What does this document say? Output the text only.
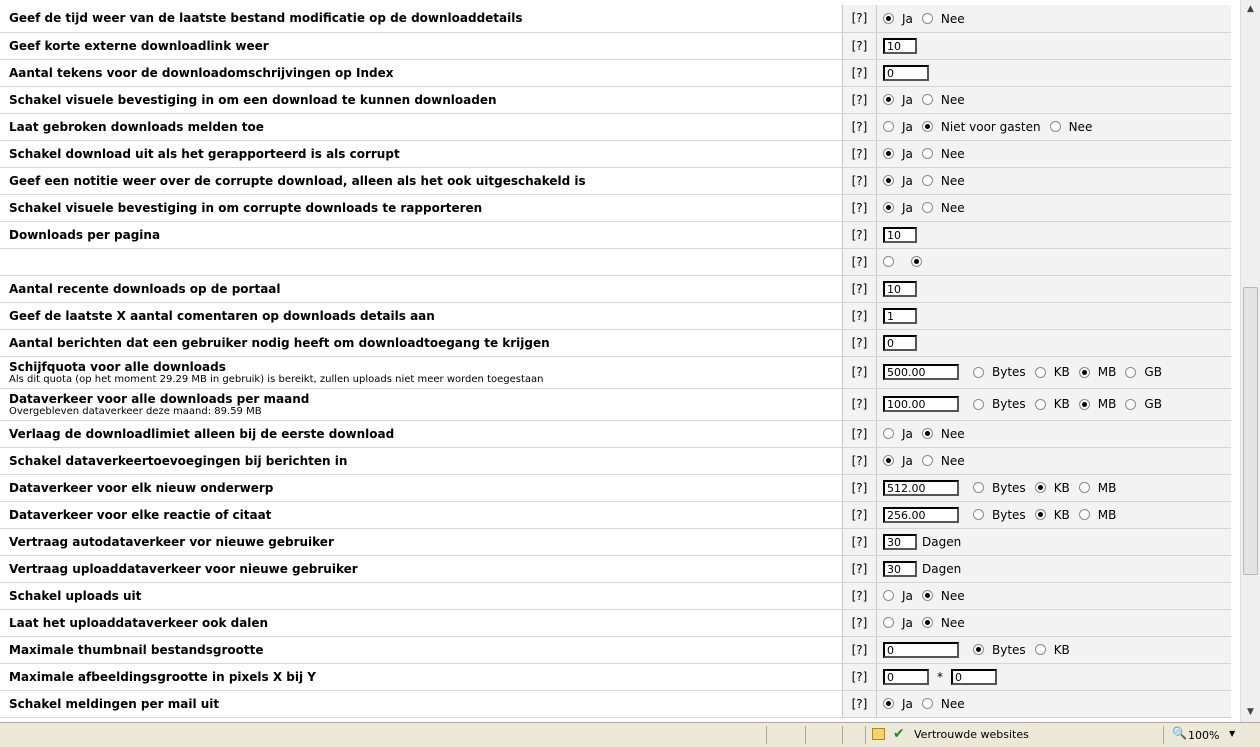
Geef de tijd weer van de laatste bestand modificatie op de downloaddetails	[?]	Ja Nee

Geef korte externe downloadlink weer	[?]	10

Aantal tekens voor de downloadomschrijvingen op Index	[?]	0

Schakel visuele bevestiging in om een download te kunnen downloaden	[?]	Ja Nee

Laat gebroken downloads melden toe	[?]	Ja Niet voor gasten Nee

Schakel download uit als het gerapporteerd is als corrupt	[?]	Ja Nee

Geef een notitie weer over de corrupte download, alleen als het ook uitgeschakeld is	[?]	Ja Nee

Schakel visuele bevestiging in om corrupte downloads te rapporteren	[?]	Ja Nee

Downloads per pagina	[?]	10

	[?]	

Aantal recente downloads op de portaal	[?]	10

Geef de laatste X aantal comentaren op downloads details aan	[?]	1

Aantal berichten dat een gebruiker nodig heeft om downloadtoegang te krijgen	[?]	0

Schijfquota voor alle downloads
Als dit quota (op het moment 29.29 MB in gebruik) is bereikt, zullen uploads niet meer worden toegestaan	[?]	500.00 Bytes KB MB GB

Dataverkeer voor alle downloads per maand
Overgebleven dataverkeer deze maand: 89.59 MB	[?]	100.00 Bytes KB MB GB

Verlaag de downloadlimiet alleen bij de eerste download	[?]	Ja Nee

Schakel dataverkeertoevoegingen bij berichten in	[?]	Ja Nee

Dataverkeer voor elk nieuw onderwerp	[?]	512.00 Bytes KB MB

Dataverkeer voor elke reactie of citaat	[?]	256.00 Bytes KB MB

Vertraag autodataverkeer vor nieuwe gebruiker	[?]	30 Dagen

Vertraag uploaddataverkeer voor nieuwe gebruiker	[?]	30 Dagen

Schakel uploads uit	[?]	Ja Nee

Laat het uploaddataverkeer ook dalen	[?]	Ja Nee

Maximale thumbnail bestandsgrootte	[?]	0 Bytes KB

Maximale afbeeldingsgrootte in pixels X bij Y	[?]	0 * 0

Schakel meldingen per mail uit	[?]	Ja Nee
▲
▼
✔ Vertrouwde websites	🔍 100% ▼
